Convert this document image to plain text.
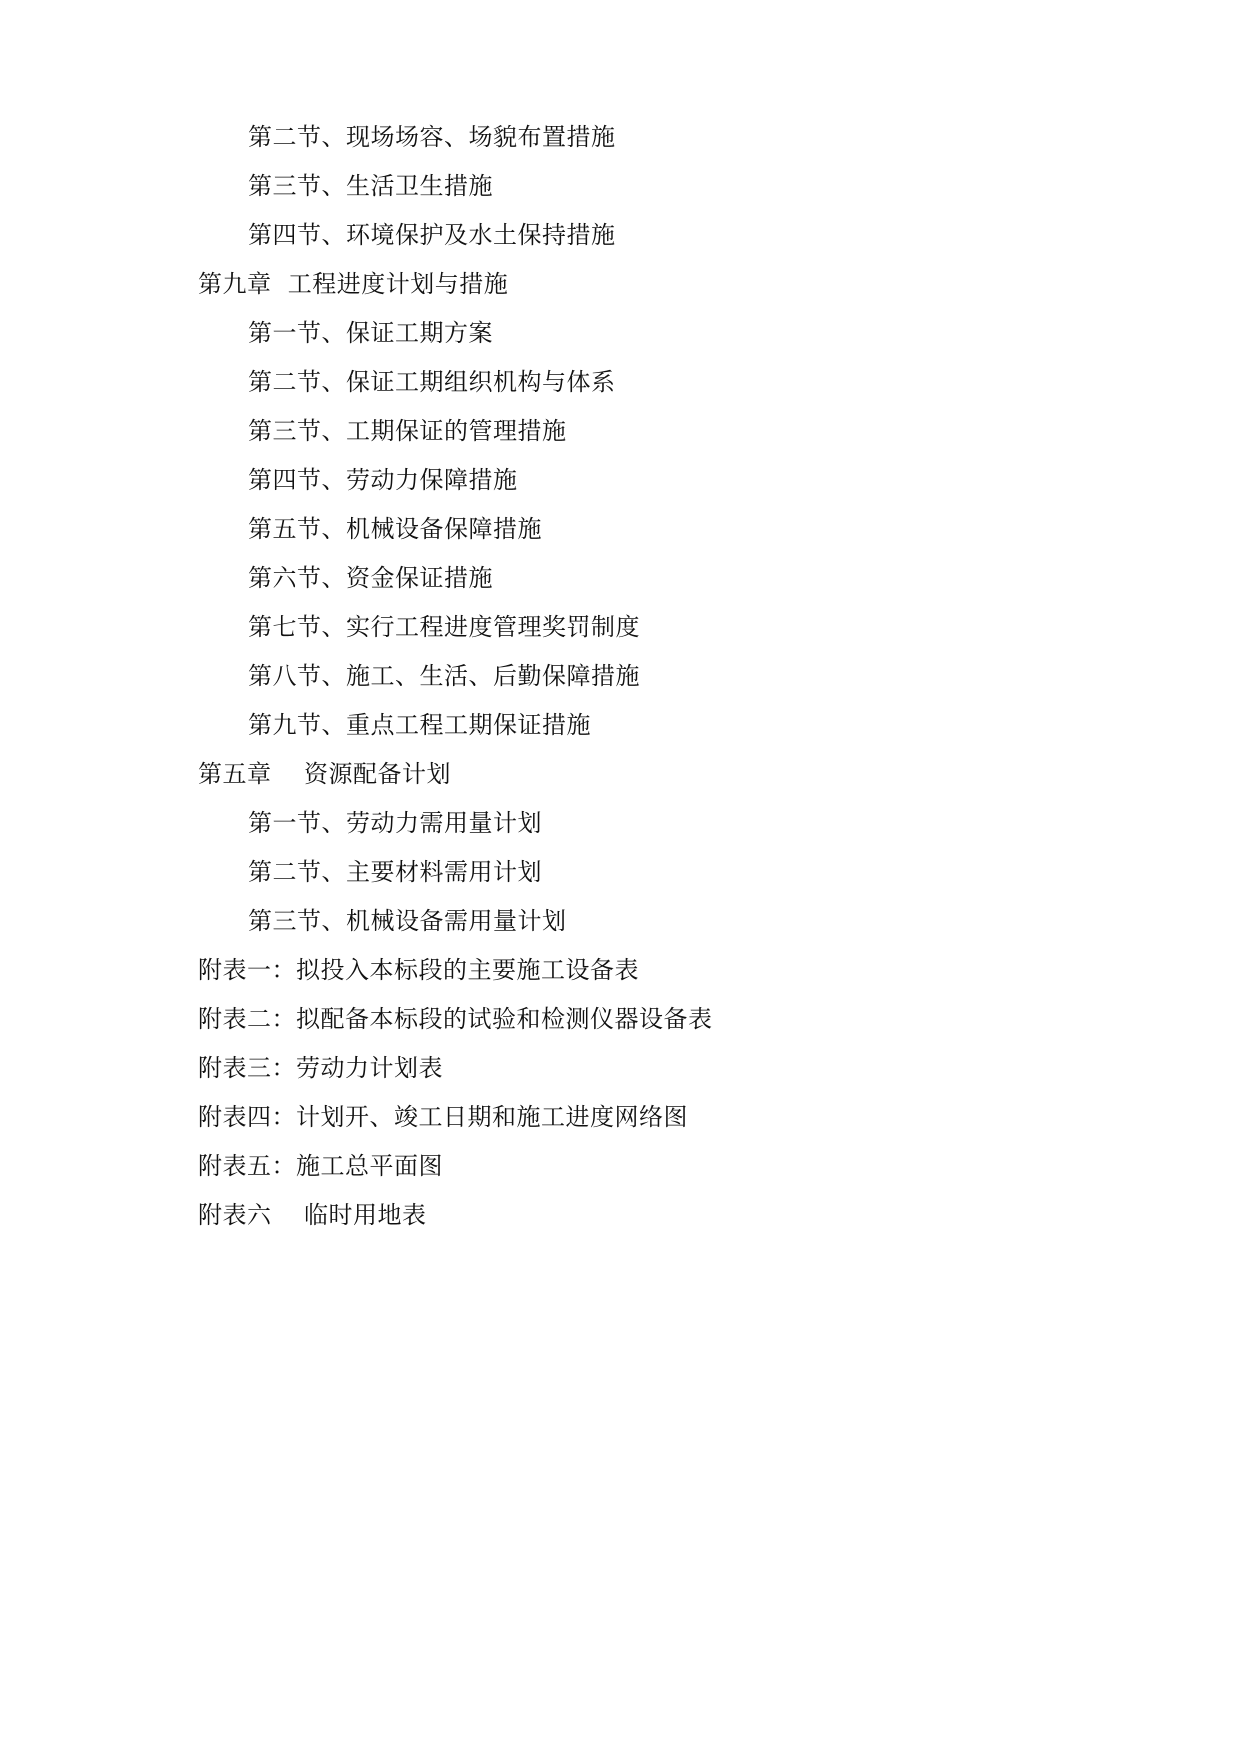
第二节、现场场容、场貌布置措施
第三节、生活卫生措施
第四节、环境保护及水土保持措施
第九章  工程进度计划与措施
第一节、保证工期方案
第二节、保证工期组织机构与体系
第三节、工期保证的管理措施
第四节、劳动力保障措施
第五节、机械设备保障措施
第六节、资金保证措施
第七节、实行工程进度管理奖罚制度
第八节、施工、生活、后勤保障措施
第九节、重点工程工期保证措施
第五章    资源配备计划
第一节、劳动力需用量计划
第二节、主要材料需用计划
第三节、机械设备需用量计划
附表一：拟投入本标段的主要施工设备表
附表二：拟配备本标段的试验和检测仪器设备表
附表三：劳动力计划表
附表四：计划开、竣工日期和施工进度网络图
附表五：施工总平面图
附表六    临时用地表
